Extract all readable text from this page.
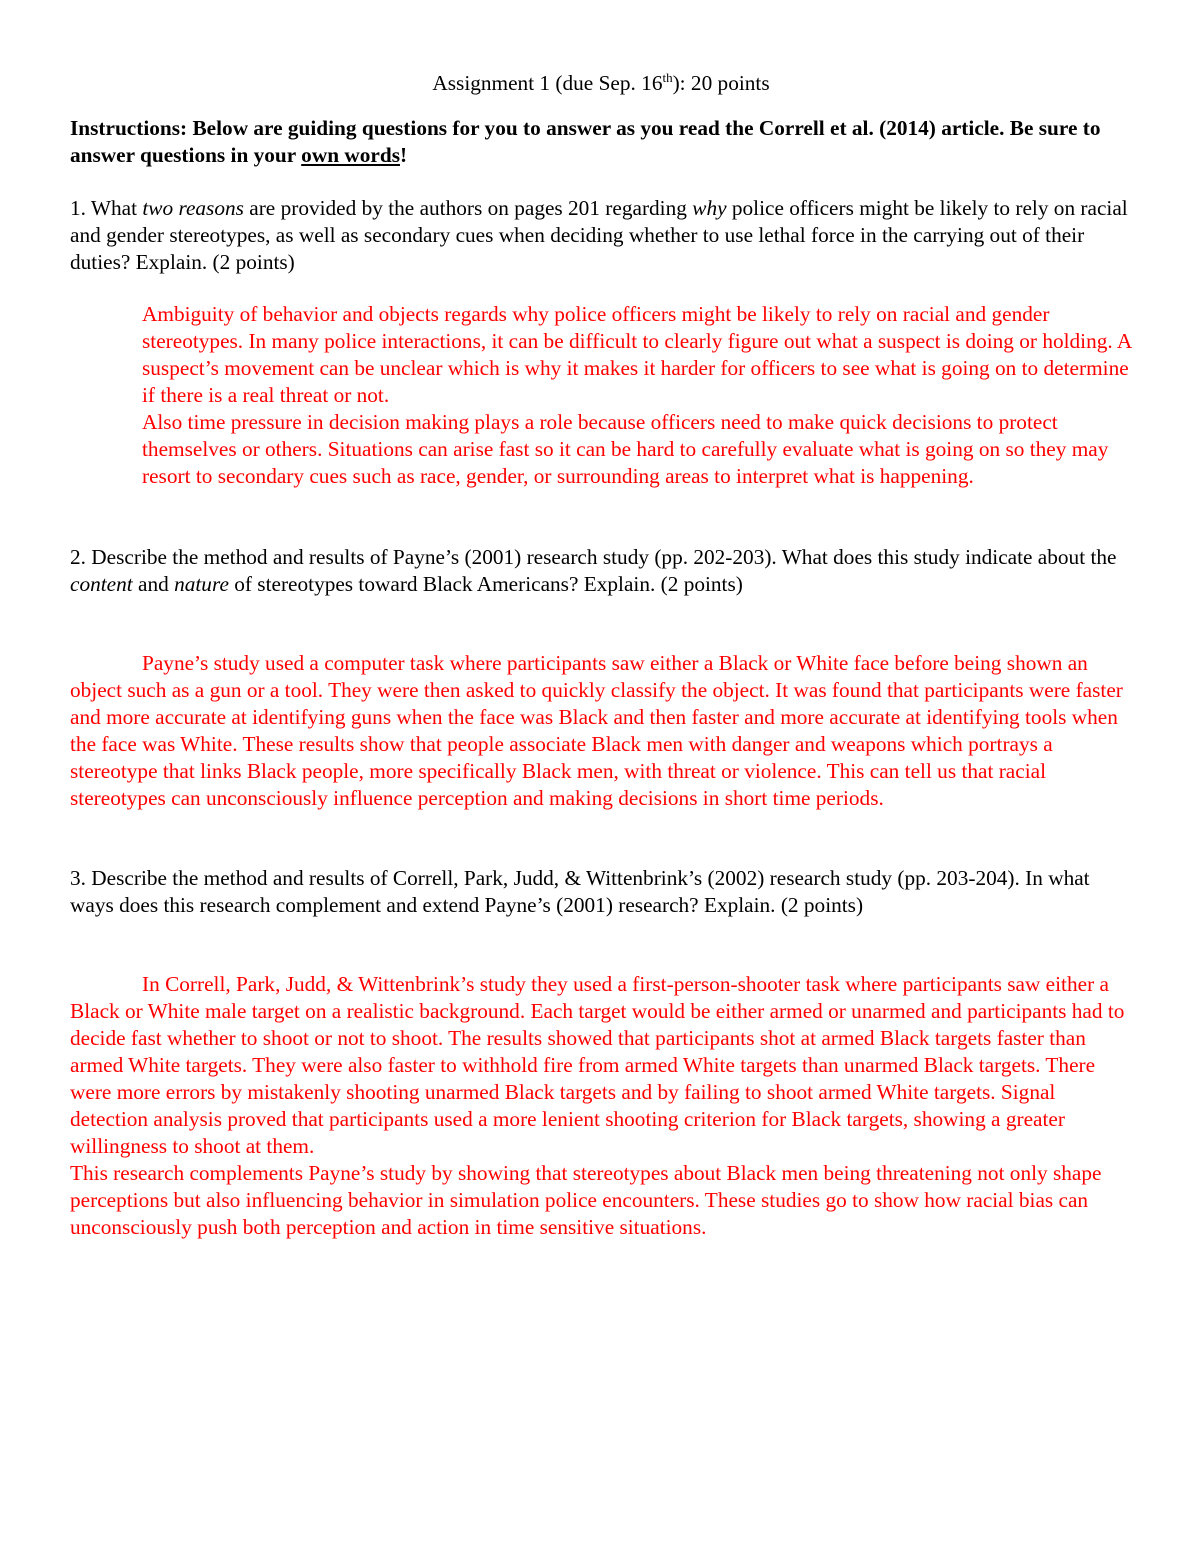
Assignment 1 (due Sep. 16th): 20 points

Instructions: Below are guiding questions for you to answer as you read the Correll et al. (2014) article. Be sure to answer questions in your own words!

1. What two reasons are provided by the authors on pages 201 regarding why police officers might be likely to rely on racial and gender stereotypes, as well as secondary cues when deciding whether to use lethal force in the carrying out of their duties? Explain. (2 points)

Ambiguity of behavior and objects regards why police officers might be likely to rely on racial and gender stereotypes. In many police interactions, it can be difficult to clearly figure out what a suspect is doing or holding. A suspect’s movement can be unclear which is why it makes it harder for officers to see what is going on to determine if there is a real threat or not.

Also time pressure in decision making plays a role because officers need to make quick decisions to protect themselves or others. Situations can arise fast so it can be hard to carefully evaluate what is going on so they may resort to secondary cues such as race, gender, or surrounding areas to interpret what is happening.

2. Describe the method and results of Payne’s (2001) research study (pp. 202-203). What does this study indicate about the content and nature of stereotypes toward Black Americans? Explain. (2 points)

Payne’s study used a computer task where participants saw either a Black or White face before being shown an object such as a gun or a tool. They were then asked to quickly classify the object. It was found that participants were faster and more accurate at identifying guns when the face was Black and then faster and more accurate at identifying tools when the face was White. These results show that people associate Black men with danger and weapons which portrays a stereotype that links Black people, more specifically Black men, with threat or violence. This can tell us that racial stereotypes can unconsciously influence perception and making decisions in short time periods.

3. Describe the method and results of Correll, Park, Judd, & Wittenbrink’s (2002) research study (pp. 203-204). In what ways does this research complement and extend Payne’s (2001) research? Explain. (2 points)

In Correll, Park, Judd, & Wittenbrink’s study they used a first-person-shooter task where participants saw either a Black or White male target on a realistic background. Each target would be either armed or unarmed and participants had to decide fast whether to shoot or not to shoot. The results showed that participants shot at armed Black targets faster than armed White targets. They were also faster to withhold fire from armed White targets than unarmed Black targets. There were more errors by mistakenly shooting unarmed Black targets and by failing to shoot armed White targets. Signal detection analysis proved that participants used a more lenient shooting criterion for Black targets, showing a greater willingness to shoot at them.

This research complements Payne’s study by showing that stereotypes about Black men being threatening not only shape perceptions but also influencing behavior in simulation police encounters. These studies go to show how racial bias can unconsciously push both perception and action in time sensitive situations.
